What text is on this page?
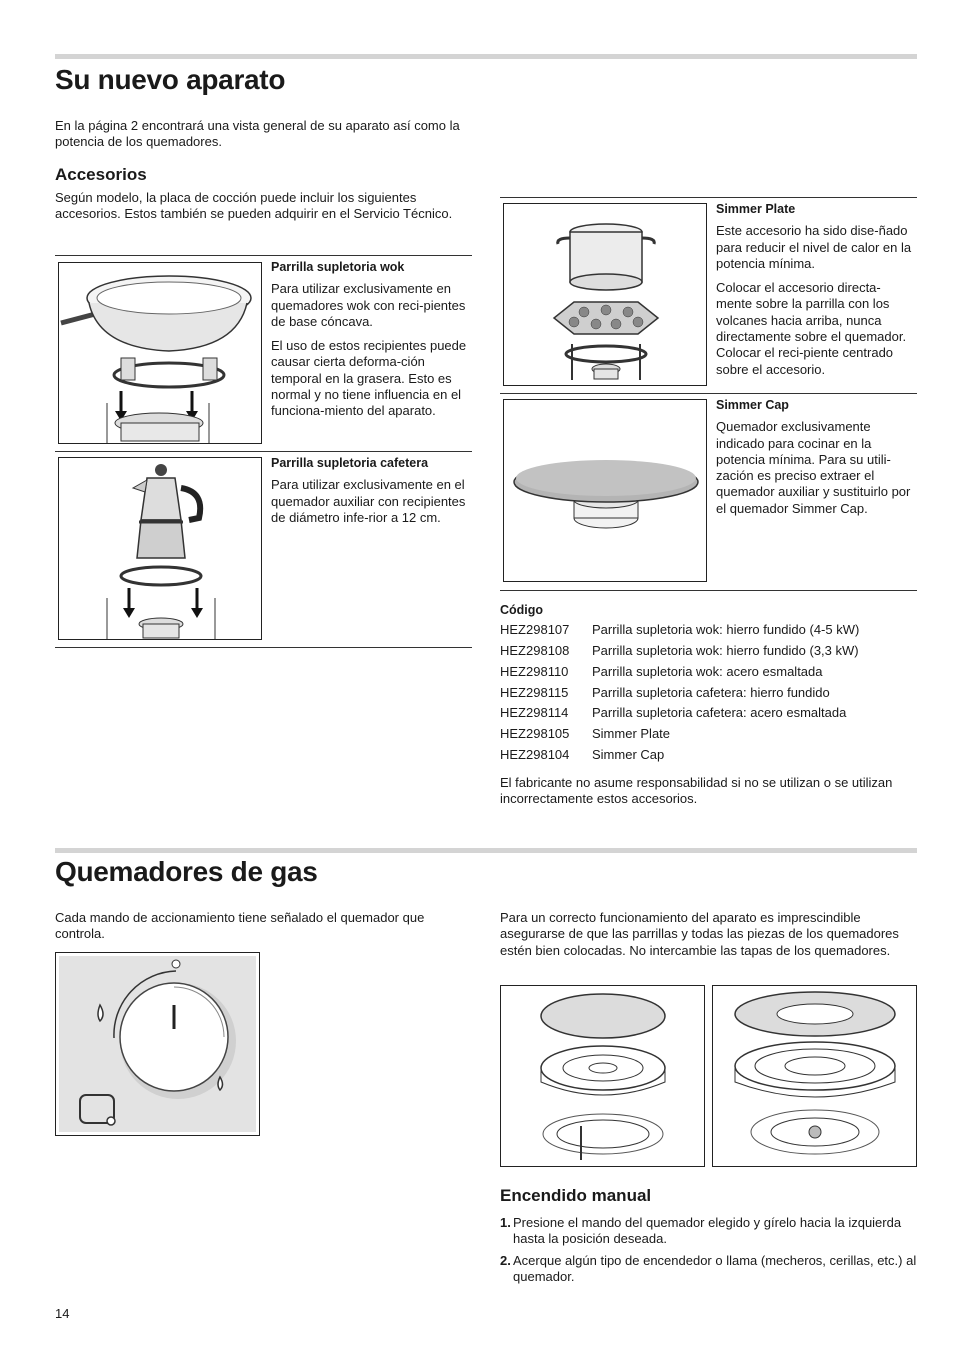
Su nuevo aparato
En la página 2 encontrará una vista general de su aparato así como la potencia de los quemadores.
Accesorios
Según modelo, la placa de cocción puede incluir los siguientes accesorios. Estos también se pueden adquirir en el Servicio Técnico.
Parrilla supletoria wok
Para utilizar exclusivamente en quemadores wok con reci-pientes de base cóncava.
El uso de estos recipientes puede causar cierta deforma-ción temporal en la grasera. Esto es normal y no tiene influencia en el funciona-miento del aparato.
Parrilla supletoria cafetera
Para utilizar exclusivamente en el quemador auxiliar con recipientes de diámetro infe-rior a 12 cm.
Simmer Plate
Este accesorio ha sido dise-ñado para reducir el nivel de calor en la potencia mínima.
Colocar el accesorio directa-mente sobre la parrilla con los volcanes hacia arriba, nunca directamente sobre el quemador. Colocar el reci-piente centrado sobre el accesorio.
Simmer Cap
Quemador exclusivamente indicado para cocinar en la potencia mínima. Para su utili-zación es preciso extraer el quemador auxiliar y sustituirlo por el quemador Simmer Cap.
Código
HEZ298107	Parrilla supletoria wok: hierro fundido (4-5 kW)
HEZ298108	Parrilla supletoria wok: hierro fundido (3,3 kW)
HEZ298110	Parrilla supletoria wok: acero esmaltada
HEZ298115	Parrilla supletoria cafetera: hierro fundido
HEZ298114	Parrilla supletoria cafetera: acero esmaltada
HEZ298105	Simmer Plate
HEZ298104	Simmer Cap
El fabricante no asume responsabilidad si no se utilizan o se utilizan incorrectamente estos accesorios.
Quemadores de gas
Cada mando de accionamiento tiene señalado el quemador que controla.
Para un correcto funcionamiento del aparato es imprescindible asegurarse de que las parrillas y todas las piezas de los quemadores estén bien colocadas. No intercambie las tapas de los quemadores.
Encendido manual
1. Presione el mando del quemador elegido y gírelo hacia la izquierda hasta la posición deseada.
2. Acerque algún tipo de encendedor o llama (mecheros, cerillas, etc.) al quemador.
14
